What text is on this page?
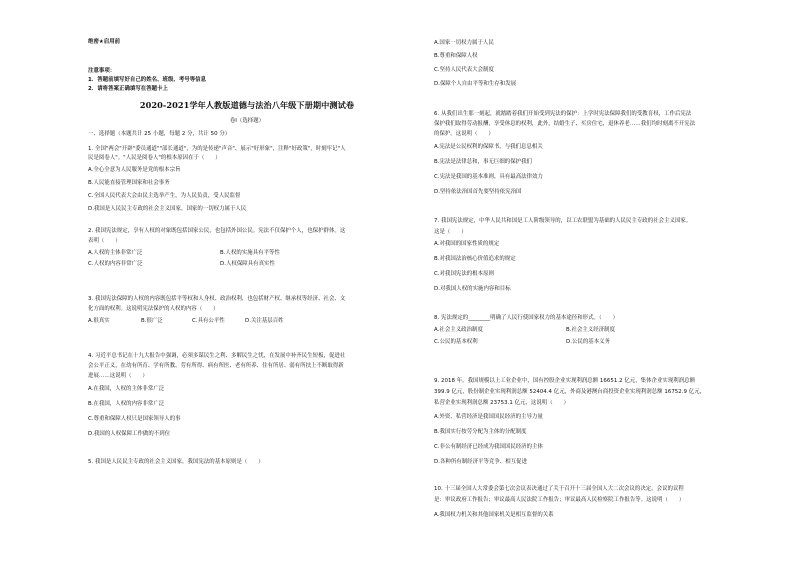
绝密★启用前
注意事项：
1．答题前填写好自己的姓名、班级、考号等信息
2．请将答案正确填写在答题卡上
2020-2021学年人教版道德与法治八年级下册期中测试卷
卷Ⅰ（选择题）
一、选择题（本题共计 25 小题，每题 2 分，共计 50 分）
1. 全国"两会"开辟"委员通道""部长通道"，为的是传递"声音"、展示"好形象"，注释"好政策"，时刻牢记"人
民是阅卷人"。"人民是阅卷人"的根本原因在于（　　）
A.全心全意为人民服务是党的根本宗旨
B.人民能直接管理国家和社会事务
C.全国人民代表大会由民主选举产生，为人民负责，受人民监督
D.我国是人民民主专政的社会主义国家，国家的一切权力属于人民
2. 我国宪法规定，享有人权的对象既包括国家公民，也包括外国公民。宪法不仅保护个人，也保护群体。这
表明（　　）
A.人权的主体非常广泛	B.人权的实施具有平等性
C.人权的内容非常广泛	D.人权保障具有真实性
3. 我国宪法保障的人权的内容既包括平等权和人身权、政治权利，也包括财产权、继承权等经济、社会、文
化方面的权利。这说明宪法保护的人权的内容（　　）
A.很真实	B.很广泛	C.具有公平性	D.关注基层百姓
4. 习近平总书记在十九大报告中强调，必须多谋民生之利、多解民生之忧，在发展中补齐民生短板，促进社
会公平正义，在幼有所育、学有所教、劳有所得、病有所医、老有所养、住有所居、弱有所扶上不断取得新
进展……这说明（　　）
A.在我国，人权的主体非常广泛
B.在我国，人权的内容非常广泛
C.尊重和保障人权只是国家领导人的事
D.我国的人权保障工作做的不到位
5. 我国是人民民主专政的社会主义国家，我国宪法的基本原则是（　　）
A.国家一切权力属于人民
B.尊重和保障人权
C.坚持人民代表大会制度
D.保障个人自由平等和生存和发展
6. 从我们出生那一刻起，就踏踏着我们开始受到宪法的保护：上学时宪法保障我们的受教育权，工作后宪法
保护我们取得劳动报酬，享受休息的权利，此外，结婚生子、买房住宅，退休养老……我们均时刻离不开宪法
的保护。这说明（　　）
A.宪法是公民权利的保障书，与我们息息相关
B.宪法是法律总和，事无巨细的保护我们
C.宪法是我国的基本准则，具有最高法律效力
D.坚持依法治国首先要坚持依宪治国
7. 我国宪法规定，中华人民共和国是工人阶级领导的，以工农联盟为基础的人民民主专政的社会主义国家。
这是（　　）
A.对我国的国家性质的规定
B.对我国法治核心价值追求的规定
C.对我国宪法的根本原则
D.对我国人权的实施内容和目标
8. 宪法规定的________明确了人民行使国家权力的基本途径和形式。（　　）
A.社会主义政治制度	B.社会主义经济制度
C.公民的基本权利	D.公民的基本义务
9. 2018 年，我国规模以上工业企业中，国有控股企业实现利润总额 16651.2 亿元，集体企业实现利润总额
399.9 亿元，股份制企业实现利润总额 52404.4 亿元，外商及港澳台商投资企业实现利润总额 16752.9 亿元，
私营企业实现利润总额 23753.1 亿元，这说明（　　）
A.外资、私营经济是我国国民经济的主导力量
B.我国实行按劳分配为主体的分配制度
C.非公有制经济已经成为我国国民经济的主体
D.各种所有制经济平等竞争、相互促进
10. 十三届全国人大常委会第七次会议表决通过了关于召开十三届全国人大二次会议的决定。会议的议程
是：审议政府工作报告；审议最高人民法院工作报告；审议最高人民检察院工作报告等。这说明（　　）
A.我国权力机关和其他国家机关是相互监督的关系
